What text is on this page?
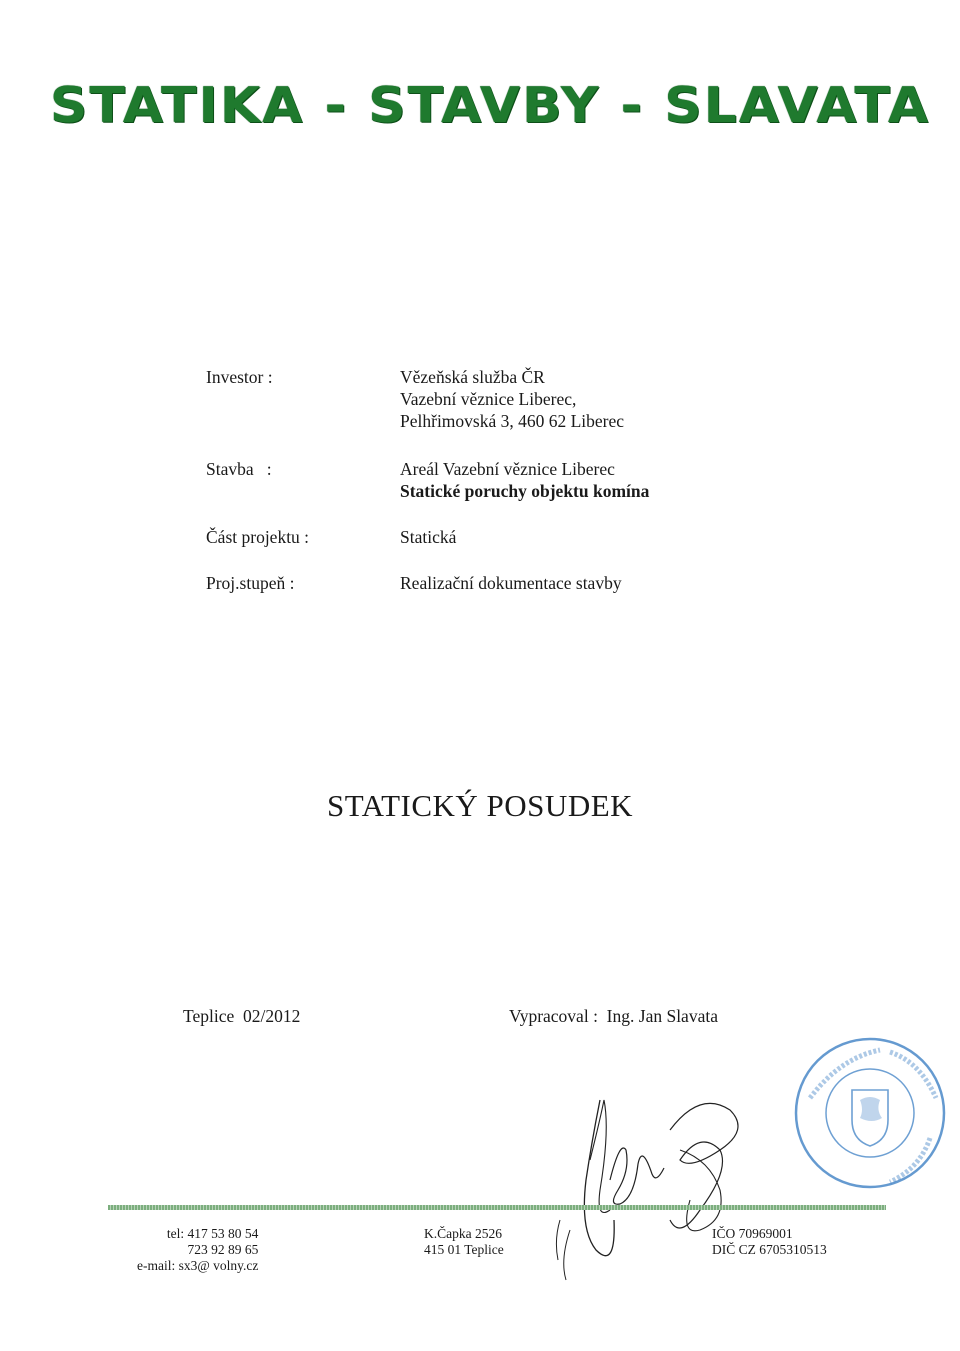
STATIKA - STAVBY - SLAVATA
Investor :	Vězeňská služba ČR
Vazební věznice Liberec,
Pelhřimovská 3, 460 62 Liberec
Stavba   :	Areál Vazební věznice Liberec
Statické poruchy objektu komína
Část projektu :	Statická
Proj.stupeň :	Realizační dokumentace stavby
STATICKÝ POSUDEK
Teplice  02/2012	Vypracoval :  Ing. Jan Slavata
tel: 417 53 80 54
723 92 89 65
e-mail: sx3@ volny.cz
K.Čapka 2526
415 01 Teplice
IČO 70969001
DIČ CZ 6705310513
